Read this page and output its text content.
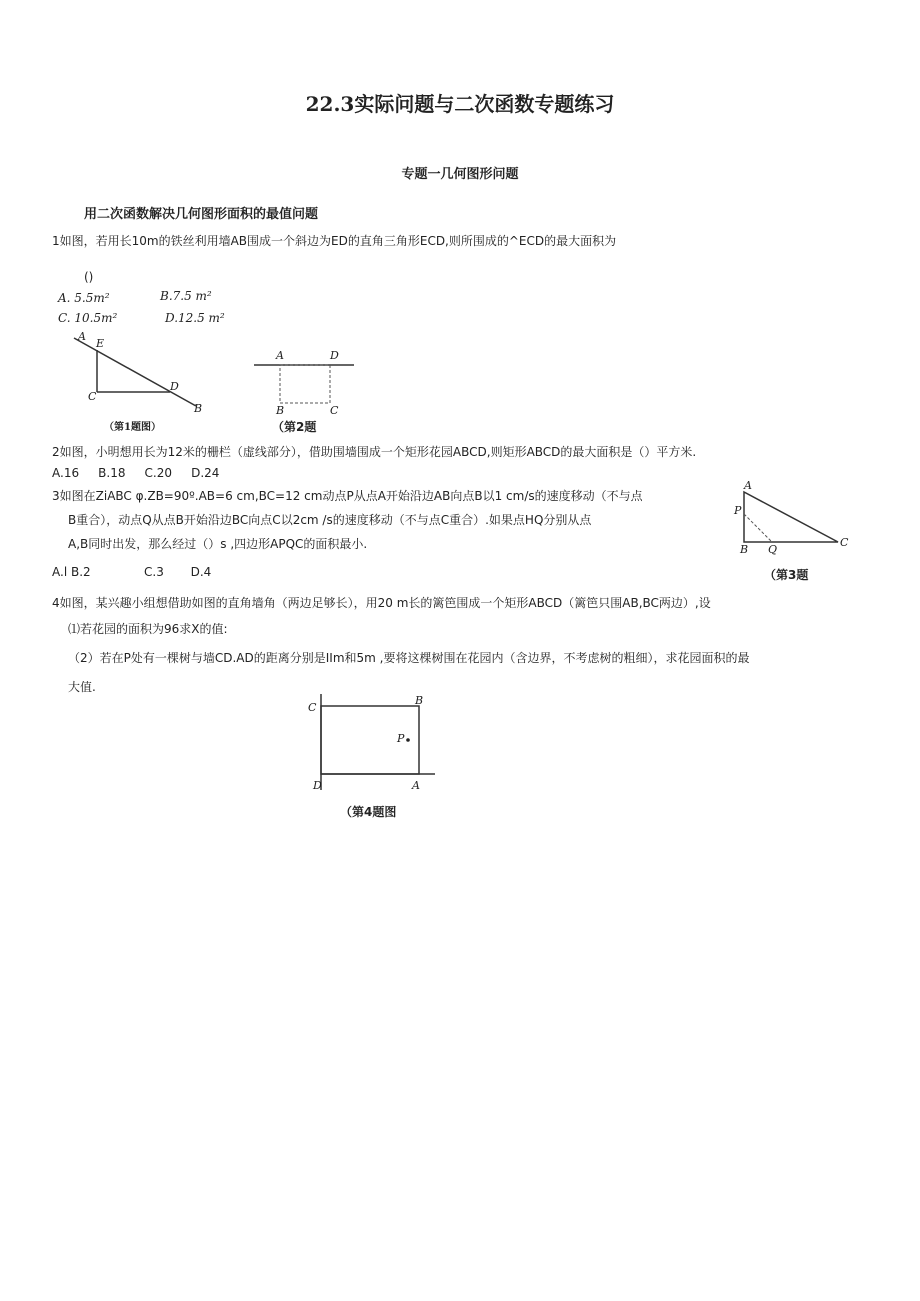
22.3实际问题与二次函数专题练习
专题一几何图形问题
用二次函数解决几何图形面积的最值问题
1如图，若用长10m的铁丝利用墙AB围成一个斜边为ED的直角三角形ECD,则所围成的^ECD的最大面积为
()
A. 5.5m²	B.7.5 m²
C. 10.5m²	D.12.5 m²
A
E
C
D
B
（第1题图）
A	D
B	C
（第2题
2如图，小明想用长为12米的栅栏（虚线部分），借助围墙围成一个矩形花园ABCD,则矩形ABCD的最大面积是（）平方米.
A.16     B.18     C.20     D.24
3如图在ZiABC φ.ZB=90º.AB=6 cm,BC=12 cm动点P从点A开始沿边AB向点B以1 cm/s的速度移动（不与点
B重合），动点Q从点B开始沿边BC向点C以2cm /s的速度移动（不与点C重合）.如果点HQ分别从点
A,B同时出发，那么经过（）s ,四边形APQC的面积最小.
A.l B.2              C.3       D.4
A
P
B Q
C
（第3题
4如图，某兴趣小组想借助如图的直角墙角（两边足够长），用20 m长的篱笆围成一个矩形ABCD（篱笆只围AB,BC两边）,设
⑴若花园的面积为96求X的值:
（2）若在P处有一棵树与墙CD.AD的距离分别是IIm和5m ,要将这棵树围在花园内（含边界，不考虑树的粗细），求花园面积的最
大值.
C
B
P
D	A
（第4题图
